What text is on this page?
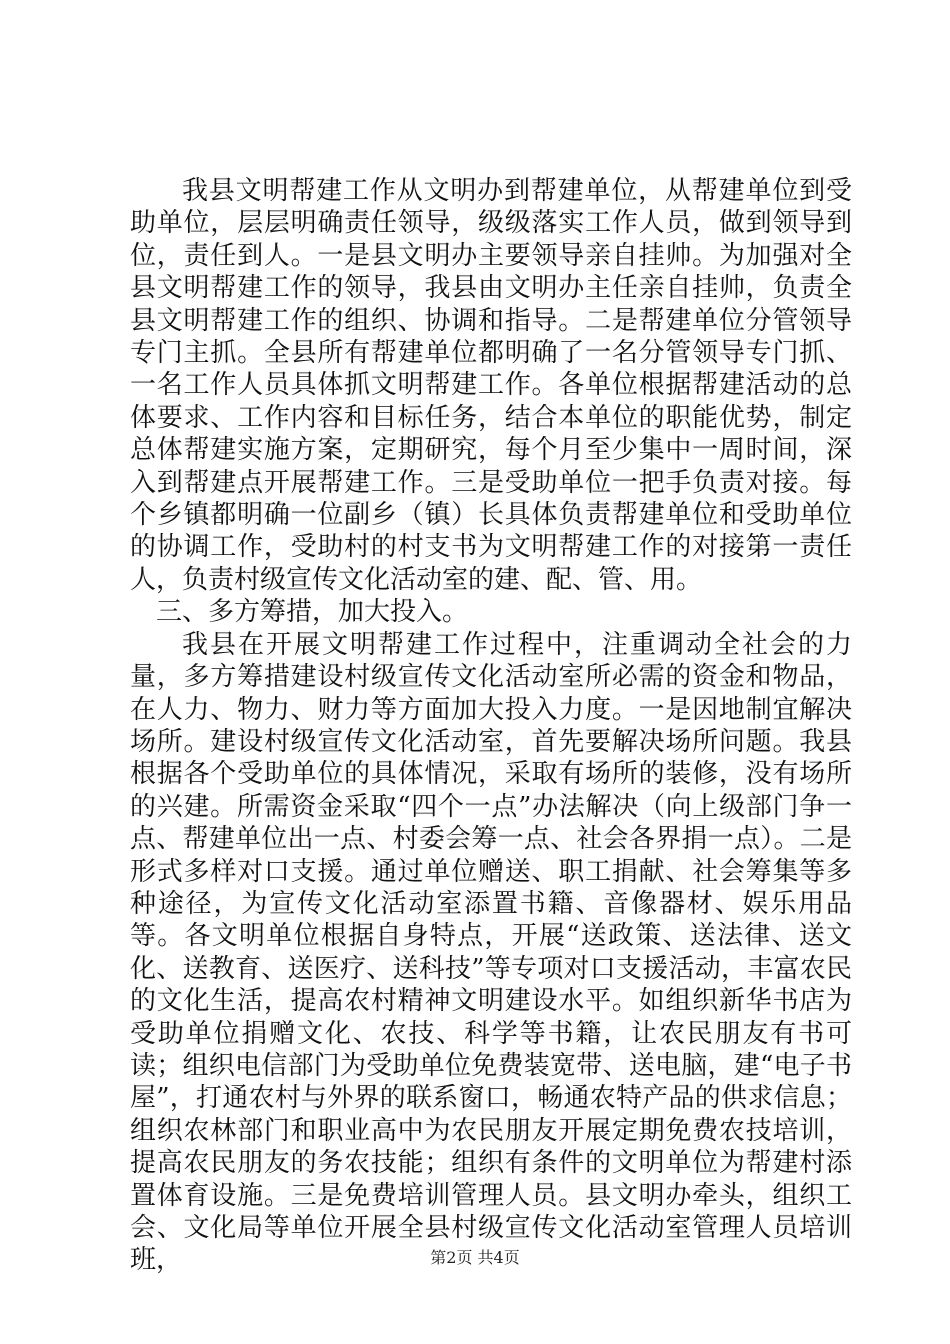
我县文明帮建工作从文明办到帮建单位，从帮建单位到受助单位，层层明确责任领导，级级落实工作人员，做到领导到位，责任到人。一是县文明办主要领导亲自挂帅。为加强对全县文明帮建工作的领导，我县由文明办主任亲自挂帅，负责全县文明帮建工作的组织、协调和指导。二是帮建单位分管领导专门主抓。全县所有帮建单位都明确了一名分管领导专门抓、一名工作人员具体抓文明帮建工作。各单位根据帮建活动的总体要求、工作内容和目标任务，结合本单位的职能优势，制定总体帮建实施方案，定期研究，每个月至少集中一周时间，深入到帮建点开展帮建工作。三是受助单位一把手负责对接。每个乡镇都明确一位副乡（镇）长具体负责帮建单位和受助单位的协调工作，受助村的村支书为文明帮建工作的对接第一责任人，负责村级宣传文化活动室的建、配、管、用。

三、多方筹措，加大投入。

我县在开展文明帮建工作过程中，注重调动全社会的力量，多方筹措建设村级宣传文化活动室所必需的资金和物品，在人力、物力、财力等方面加大投入力度。一是因地制宜解决场所。建设村级宣传文化活动室，首先要解决场所问题。我县根据各个受助单位的具体情况，采取有场所的装修，没有场所的兴建。所需资金采取“四个一点”办法解决（向上级部门争一点、帮建单位出一点、村委会筹一点、社会各界捐一点）。二是形式多样对口支援。通过单位赠送、职工捐献、社会筹集等多种途径，为宣传文化活动室添置书籍、音像器材、娱乐用品等。各文明单位根据自身特点，开展“送政策、送法律、送文化、送教育、送医疗、送科技”等专项对口支援活动，丰富农民的文化生活，提高农村精神文明建设水平。如组织新华书店为受助单位捐赠文化、农技、科学等书籍，让农民朋友有书可读；组织电信部门为受助单位免费装宽带、送电脑，建“电子书屋”，打通农村与外界的联系窗口，畅通农特产品的供求信息；组织农林部门和职业高中为农民朋友开展定期免费农技培训，提高农民朋友的务农技能；组织有条件的文明单位为帮建村添置体育设施。三是免费培训管理人员。县文明办牵头，组织工会、文化局等单位开展全县村级宣传文化活动室管理人员培训班，	第2页 共4页
